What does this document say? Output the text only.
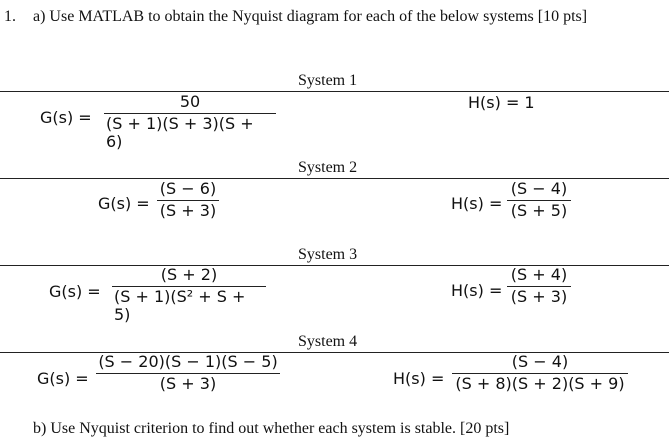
1. a) Use MATLAB to obtain the Nyquist diagram for each of the below systems [10 pts]
System 1
G(s) =
50
(S + 1)(S + 3)(S + 6)
H(s) = 1
System 2
G(s) =
(S − 6)
(S + 3)	H(s) =
(S − 4)
(S + 5)
System 3
G(s) =
(S + 2)
(S + 1)(S² + S + 5)
H(s) =
(S + 4)
(S + 3)
System 4
G(s) =
(S − 20)(S − 1)(S − 5)
(S + 3)	H(s) =
(S − 4)
(S + 8)(S + 2)(S + 9)
b) Use Nyquist criterion to find out whether each system is stable. [20 pts]
